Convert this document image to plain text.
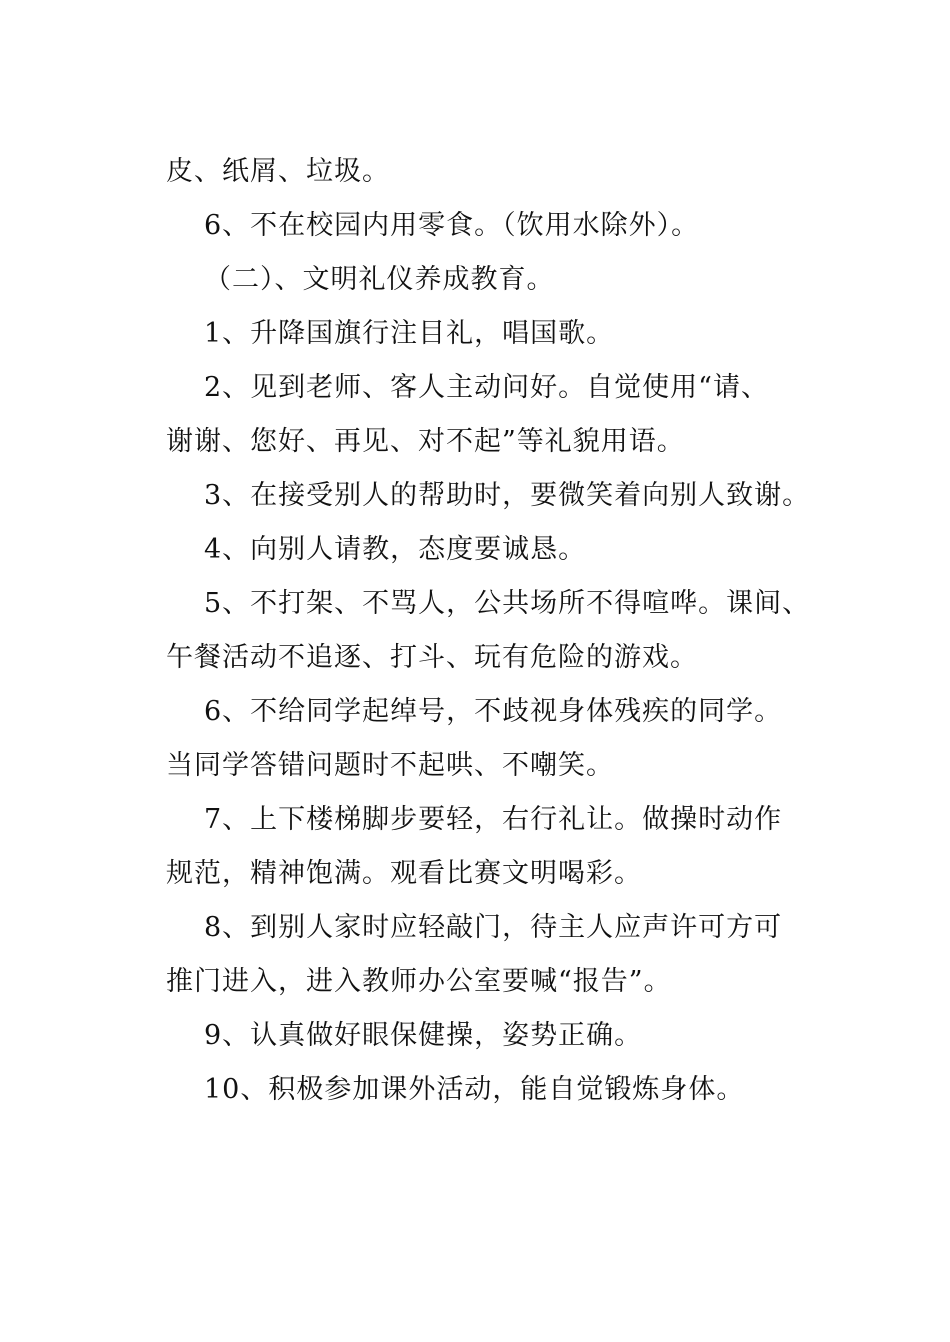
皮、纸屑、垃圾。
6、不在校园内用零食。（饮用水除外）。
（二）、文明礼仪养成教育。
1、升降国旗行注目礼，唱国歌。
2、见到老师、客人主动问好。自觉使用“请、
谢谢、您好、再见、对不起”等礼貌用语。
3、在接受别人的帮助时，要微笑着向别人致谢。
4、向别人请教，态度要诚恳。
5、不打架、不骂人，公共场所不得喧哗。课间、
午餐活动不追逐、打斗、玩有危险的游戏。
6、不给同学起绰号，不歧视身体残疾的同学。
当同学答错问题时不起哄、不嘲笑。
7、上下楼梯脚步要轻，右行礼让。做操时动作
规范，精神饱满。观看比赛文明喝彩。
8、到别人家时应轻敲门，待主人应声许可方可
推门进入，进入教师办公室要喊“报告”。
9、认真做好眼保健操，姿势正确。
10、积极参加课外活动，能自觉锻炼身体。
